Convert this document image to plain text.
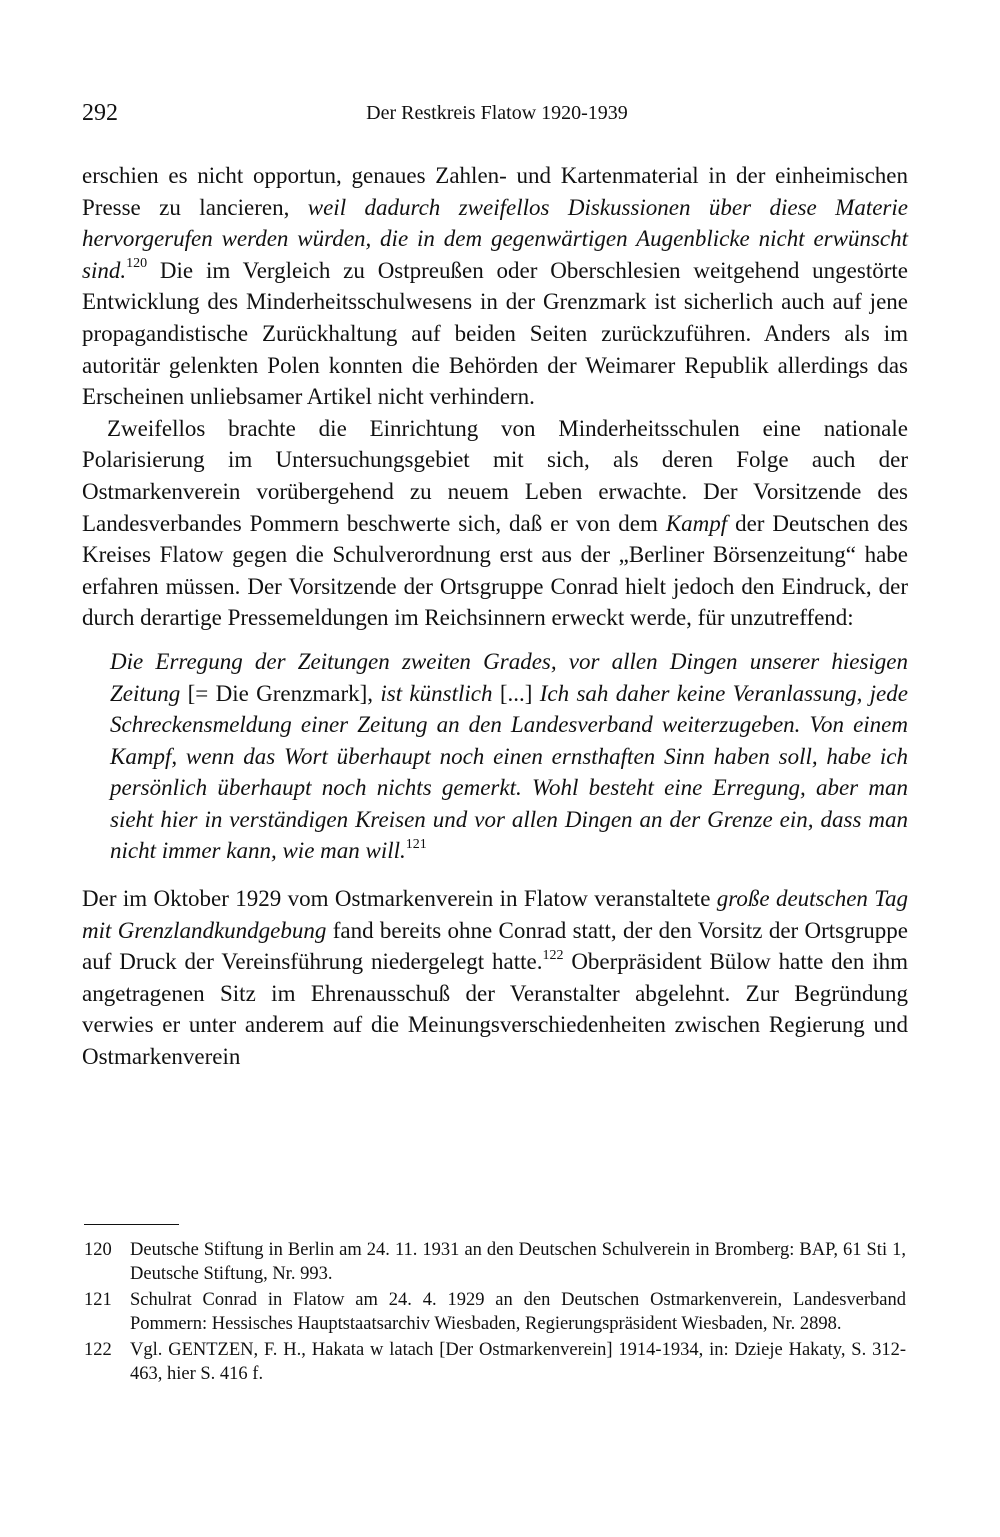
292	Der Restkreis Flatow 1920-1939

erschien es nicht opportun, genaues Zahlen- und Kartenmaterial in der einheimischen Presse zu lancieren, weil dadurch zweifellos Diskussionen über diese Materie hervorgerufen werden würden, die in dem gegenwärtigen Augenblicke nicht erwünscht sind.$^{120}$ Die im Vergleich zu Ostpreußen oder Oberschlesien weitgehend ungestörte Entwicklung des Minderheitsschulwesens in der Grenzmark ist sicherlich auch auf jene propagandistische Zurückhaltung auf beiden Seiten zurückzuführen. Anders als im autoritär gelenkten Polen konnten die Behörden der Weimarer Republik allerdings das Erscheinen unliebsamer Artikel nicht verhindern.

Zweifellos brachte die Einrichtung von Minderheitsschulen eine nationale Polarisierung im Untersuchungsgebiet mit sich, als deren Folge auch der Ostmarkenverein vorübergehend zu neuem Leben erwachte. Der Vorsitzende des Landesverbandes Pommern beschwerte sich, daß er von dem Kampf der Deutschen des Kreises Flatow gegen die Schulverordnung erst aus der „Berliner Börsenzeitung“ habe erfahren müssen. Der Vorsitzende der Ortsgruppe Conrad hielt jedoch den Eindruck, der durch derartige Pressemeldungen im Reichsinnern erweckt werde, für unzutreffend:

Die Erregung der Zeitungen zweiten Grades, vor allen Dingen unserer hiesigen Zeitung [= Die Grenzmark], ist künstlich [...] Ich sah daher keine Veranlassung, jede Schreckensmeldung einer Zeitung an den Landesverband weiterzugeben. Von einem Kampf, wenn das Wort überhaupt noch einen ernsthaften Sinn haben soll, habe ich persönlich überhaupt noch nichts gemerkt. Wohl besteht eine Erregung, aber man sieht hier in verständigen Kreisen und vor allen Dingen an der Grenze ein, dass man nicht immer kann, wie man will.$^{121}$

Der im Oktober 1929 vom Ostmarkenverein in Flatow veranstaltete große deutschen Tag mit Grenzlandkundgebung fand bereits ohne Conrad statt, der den Vorsitz der Ortsgruppe auf Druck der Vereinsführung niedergelegt hatte.$^{122}$ Oberpräsident Bülow hatte den ihm angetragenen Sitz im Ehrenausschuß der Veranstalter abgelehnt. Zur Begründung verwies er unter anderem auf die Meinungsverschiedenheiten zwischen Regierung und Ostmarkenverein

120 Deutsche Stiftung in Berlin am 24. 11. 1931 an den Deutschen Schulverein in Bromberg: BAP, 61 Sti 1, Deutsche Stiftung, Nr. 993.
121 Schulrat Conrad in Flatow am 24. 4. 1929 an den Deutschen Ostmarkenverein, Landesverband Pommern: Hessisches Hauptstaatsarchiv Wiesbaden, Regierungspräsident Wiesbaden, Nr. 2898.
122 Vgl. GENTZEN, F. H., Hakata w latach [Der Ostmarkenverein] 1914-1934, in: Dzieje Hakaty, S. 312-463, hier S. 416 f.
